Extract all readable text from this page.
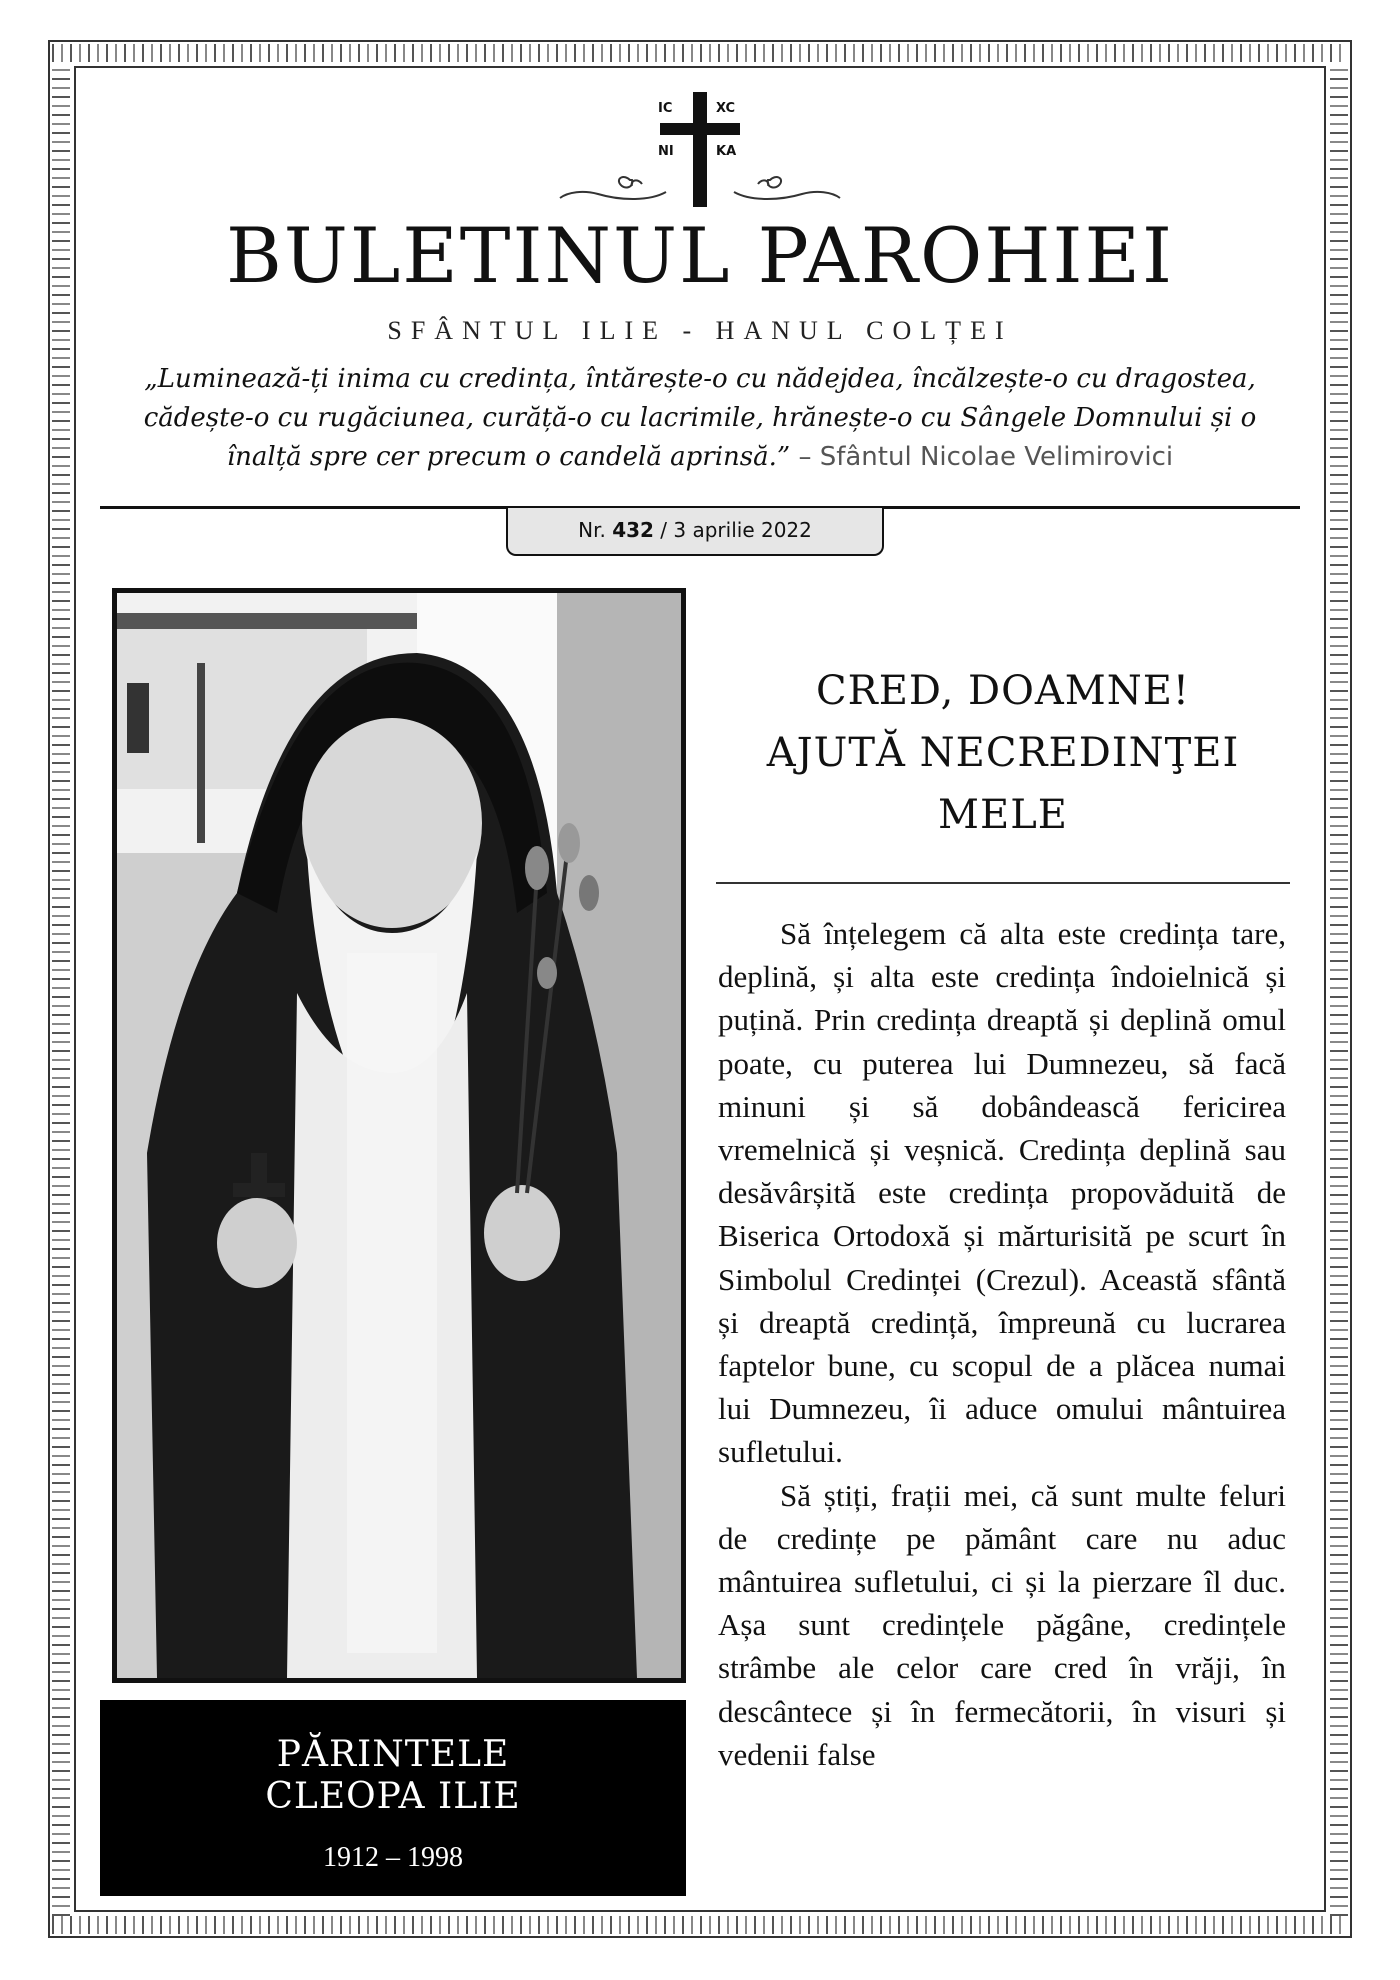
IC	XC
NI	KA
BULETINUL PAROHIEI
SFÂNTUL ILIE - HANUL COLȚEI
„Luminează-ți inima cu credința, întărește-o cu nădejdea, încălzește-o cu dragostea, cădește-o cu rugăciunea, curăță-o cu lacrimile, hrănește-o cu Sângele Domnului și o înalță spre cer precum o candelă aprinsă.” – Sfântul Nicolae Velimirovici
Nr. 432 / 3 aprilie 2022
PĂRINTELE
CLEOPA ILIE
1912 – 1998
CRED, DOAMNE!
AJUTĂ NECREDINŢEI
MELE

Să înțelegem că alta este credința tare, deplină, și alta este credința îndoielnică și puțină. Prin credința dreaptă și deplină omul poate, cu puterea lui Dumnezeu, să facă minuni și să dobândească fericirea vremelnică și veșnică. Credința deplină sau desăvârșită este credința propovăduită de Biserica Ortodoxă și mărturisită pe scurt în Simbolul Credinței (Crezul). Această sfântă și dreaptă credință, împreună cu lucrarea faptelor bune, cu scopul de a plăcea numai lui Dumnezeu, îi aduce omului mântuirea sufletului.

Să știți, frații mei, că sunt multe feluri de credințe pe pământ care nu aduc mântuirea sufletului, ci și la pierzare îl duc. Așa sunt credințele păgâne, credințele strâmbe ale celor care cred în vrăji, în descântece și în fermecătorii, în visuri și vedenii false
